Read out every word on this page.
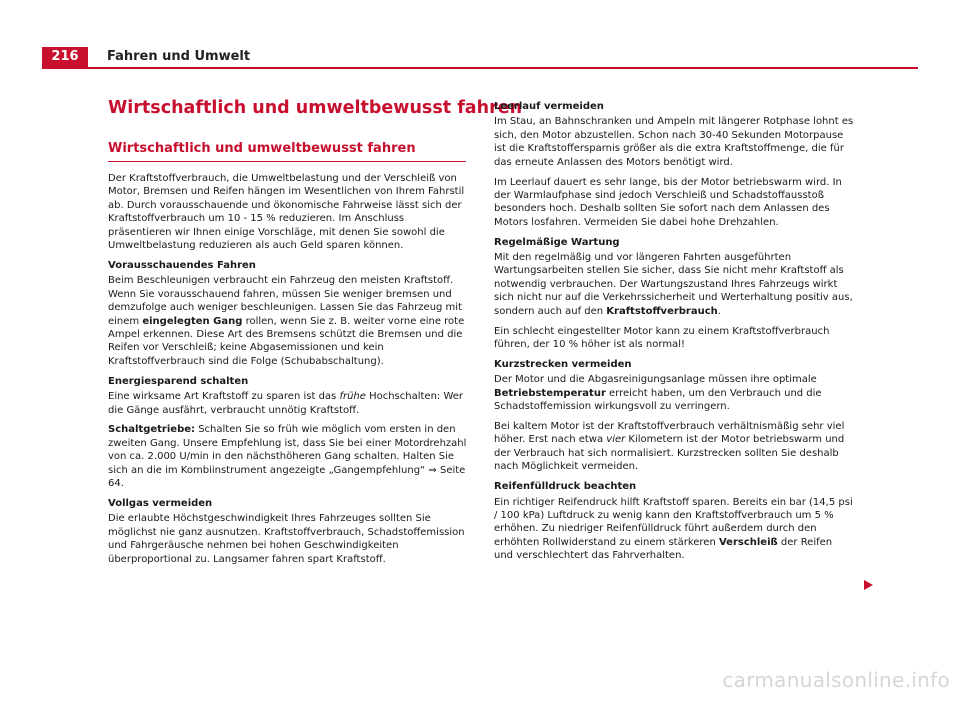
216	Fahren und Umwelt
Wirtschaftlich und umweltbewusst fahren
Wirtschaftlich und umweltbewusst fahren

Der Kraftstoffverbrauch, die Umweltbelastung und der Verschleiß von Motor, Bremsen und Reifen hängen im Wesentlichen von Ihrem Fahrstil ab. Durch vorausschauende und ökonomische Fahrweise lässt sich der Kraftstoffverbrauch um 10 - 15 % reduzieren. Im Anschluss präsentieren wir Ihnen einige Vorschläge, mit denen Sie sowohl die Umweltbelastung reduzieren als auch Geld sparen können.

Vorausschauendes Fahren

Beim Beschleunigen verbraucht ein Fahrzeug den meisten Kraftstoff. Wenn Sie vorausschauend fahren, müssen Sie weniger bremsen und demzufolge auch weniger beschleunigen. Lassen Sie das Fahrzeug mit einem eingelegten Gang rollen, wenn Sie z. B. weiter vorne eine rote Ampel erkennen. Diese Art des Bremsens schützt die Bremsen und die Reifen vor Verschleiß; keine Abgasemissionen und kein Kraftstoffverbrauch sind die Folge (Schubabschaltung).

Energiesparend schalten

Eine wirksame Art Kraftstoff zu sparen ist das frühe Hochschalten: Wer die Gänge ausfährt, verbraucht unnötig Kraftstoff.

Schaltgetriebe: Schalten Sie so früh wie möglich vom ersten in den zweiten Gang. Unsere Empfehlung ist, dass Sie bei einer Motordrehzahl von ca. 2.000 U/min in den nächsthöheren Gang schalten. Halten Sie sich an die im Kombiinstrument angezeigte „Gangempfehlung“ ⇒ Seite 64.

Vollgas vermeiden

Die erlaubte Höchstgeschwindigkeit Ihres Fahrzeuges sollten Sie möglichst nie ganz ausnutzen. Kraftstoffverbrauch, Schadstoffemission und Fahrgeräusche nehmen bei hohen Geschwindigkeiten überproportional zu. Langsamer fahren spart Kraftstoff.

Leerlauf vermeiden

Im Stau, an Bahnschranken und Ampeln mit längerer Rotphase lohnt es sich, den Motor abzustellen. Schon nach 30-40 Sekunden Motorpause ist die Kraftstoffersparnis größer als die extra Kraftstoffmenge, die für das erneute Anlassen des Motors benötigt wird.

Im Leerlauf dauert es sehr lange, bis der Motor betriebswarm wird. In der Warmlaufphase sind jedoch Verschleiß und Schadstoffausstoß besonders hoch. Deshalb sollten Sie sofort nach dem Anlassen des Motors losfahren. Vermeiden Sie dabei hohe Drehzahlen.

Regelmäßige Wartung

Mit den regelmäßig und vor längeren Fahrten ausgeführten Wartungsarbeiten stellen Sie sicher, dass Sie nicht mehr Kraftstoff als notwendig verbrauchen. Der Wartungszustand Ihres Fahrzeugs wirkt sich nicht nur auf die Verkehrssicherheit und Werterhaltung positiv aus, sondern auch auf den Kraftstoffverbrauch.

Ein schlecht eingestellter Motor kann zu einem Kraftstoffverbrauch führen, der 10 % höher ist als normal!

Kurzstrecken vermeiden

Der Motor und die Abgasreinigungsanlage müssen ihre optimale Betriebstemperatur erreicht haben, um den Verbrauch und die Schadstoffemission wirkungsvoll zu verringern.

Bei kaltem Motor ist der Kraftstoffverbrauch verhältnismäßig sehr viel höher. Erst nach etwa vier Kilometern ist der Motor betriebswarm und der Verbrauch hat sich normalisiert. Kurzstrecken sollten Sie deshalb nach Möglichkeit vermeiden.

Reifenfülldruck beachten

Ein richtiger Reifendruck hilft Kraftstoff sparen. Bereits ein bar (14,5 psi / 100 kPa) Luftdruck zu wenig kann den Kraftstoffverbrauch um 5 % erhöhen. Zu niedriger Reifenfülldruck führt außerdem durch den erhöhten Rollwiderstand zu einem stärkeren Verschleiß der Reifen und verschlechtert das Fahrverhalten.

carmanualsonline.info
